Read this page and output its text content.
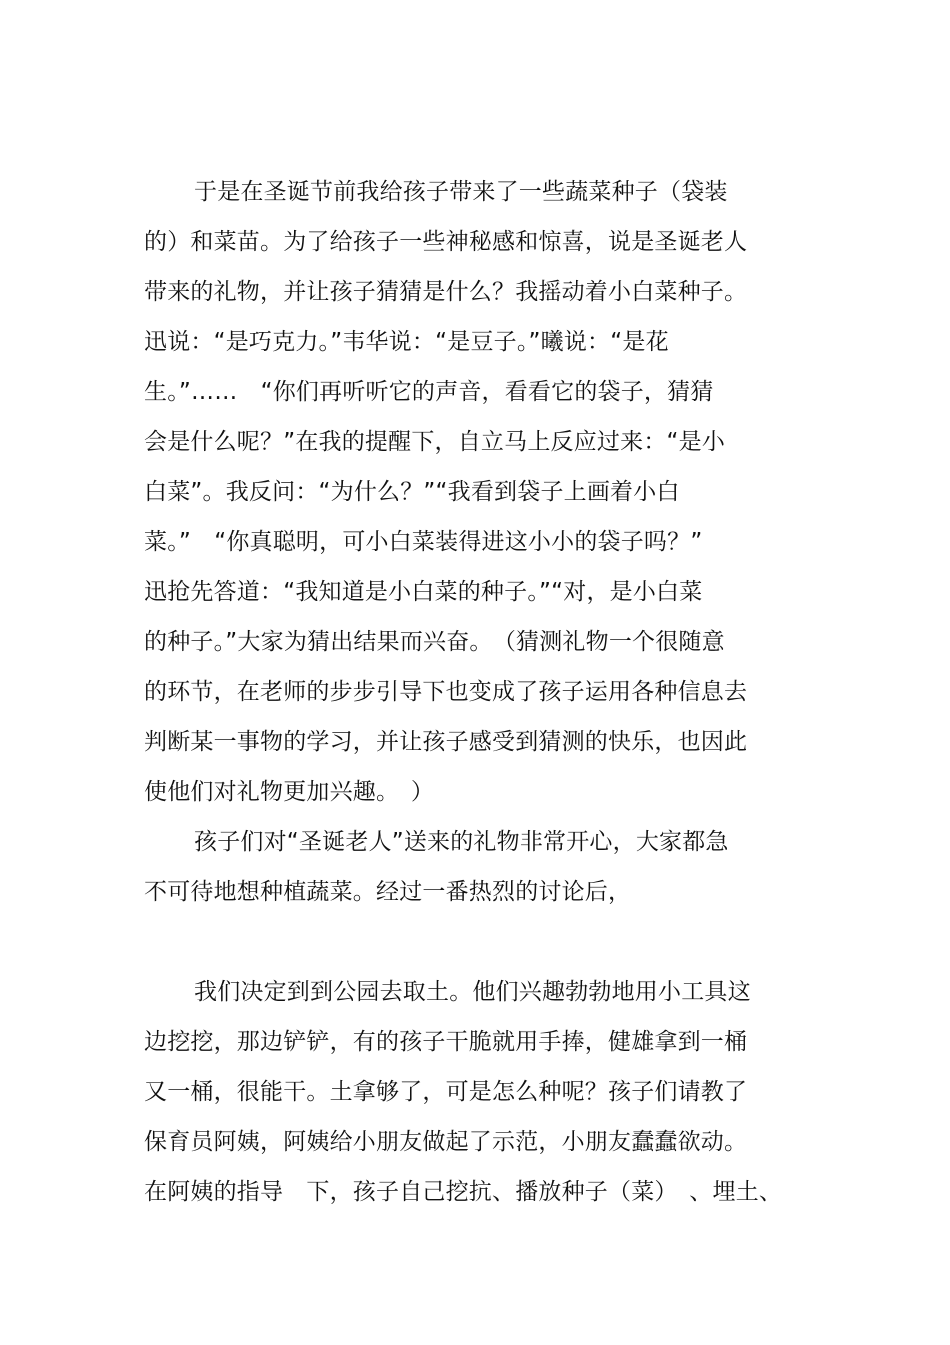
于是在圣诞节前我给孩子带来了一些蔬菜种子（袋装
的）和菜苗。为了给孩子一些神秘感和惊喜，说是圣诞老人
带来的礼物，并让孩子猜猜是什么？我摇动着小白菜种子。
迅说：“是巧克力。”韦华说：“是豆子。”曦说：“是花
生。”……　“你们再听听它的声音，看看它的袋子，猜猜
会是什么呢？”在我的提醒下，自立马上反应过来：“是小
白菜”。我反问：“为什么？”“我看到袋子上画着小白
菜。”　“你真聪明，可小白菜装得进这小小的袋子吗？”
迅抢先答道：“我知道是小白菜的种子。”“对，是小白菜
的种子。”大家为猜出结果而兴奋。　（猜测礼物一个很随意
的环节，在老师的步步引导下也变成了孩子运用各种信息去
判断某一事物的学习，并让孩子感受到猜测的快乐，也因此
使他们对礼物更加兴趣。　）
孩子们对“圣诞老人”送来的礼物非常开心，大家都急
不可待地想种植蔬菜。经过一番热烈的讨论后，
我们决定到到公园去取土。他们兴趣勃勃地用小工具这
边挖挖，那边铲铲，有的孩子干脆就用手捧，健雄拿到一桶
又一桶，很能干。土拿够了，可是怎么种呢？孩子们请教了
保育员阿姨，阿姨给小朋友做起了示范，小朋友蠢蠢欲动。
在阿姨的指导　下，孩子自己挖抗、播放种子（菜）　、埋土、
